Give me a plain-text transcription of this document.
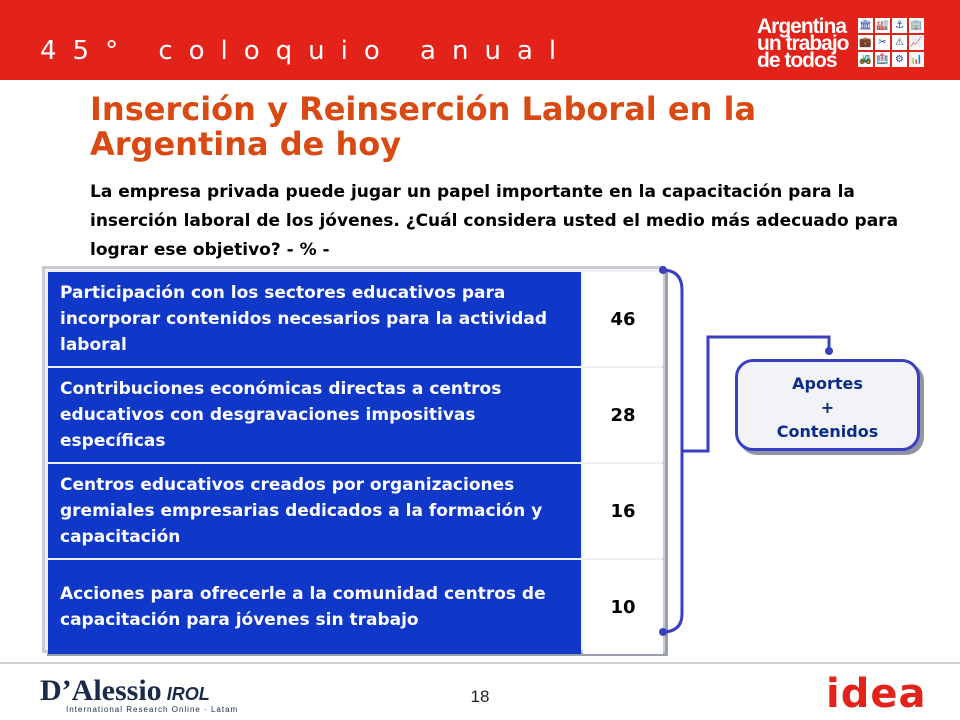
45° coloquio anual
Argentina
un trabajo
de todos
🏛 🏭 ⚓ 🏢
💼 ✂ ⚠ 📈
🚜 🏥 ⚙ 📊
Inserción y Reinserción Laboral en la Argentina de hoy
La empresa privada puede jugar un papel importante en la capacitación para la inserción laboral de los jóvenes. ¿Cuál considera usted el medio más adecuado para lograr ese objetivo? - % -
Participación con los sectores educativos para incorporar contenidos necesarios para la actividad laboral
46
Contribuciones económicas directas a centros educativos con desgravaciones impositivas específicas
28
Centros educativos creados por organizaciones gremiales empresarias dedicados a la formación y capacitación
16
Acciones para ofrecerle a la comunidad centros de capacitación para jóvenes sin trabajo
10
Aportes
+
Contenidos
D’Alessio IROL
International Research Online · Latam
18	idea
